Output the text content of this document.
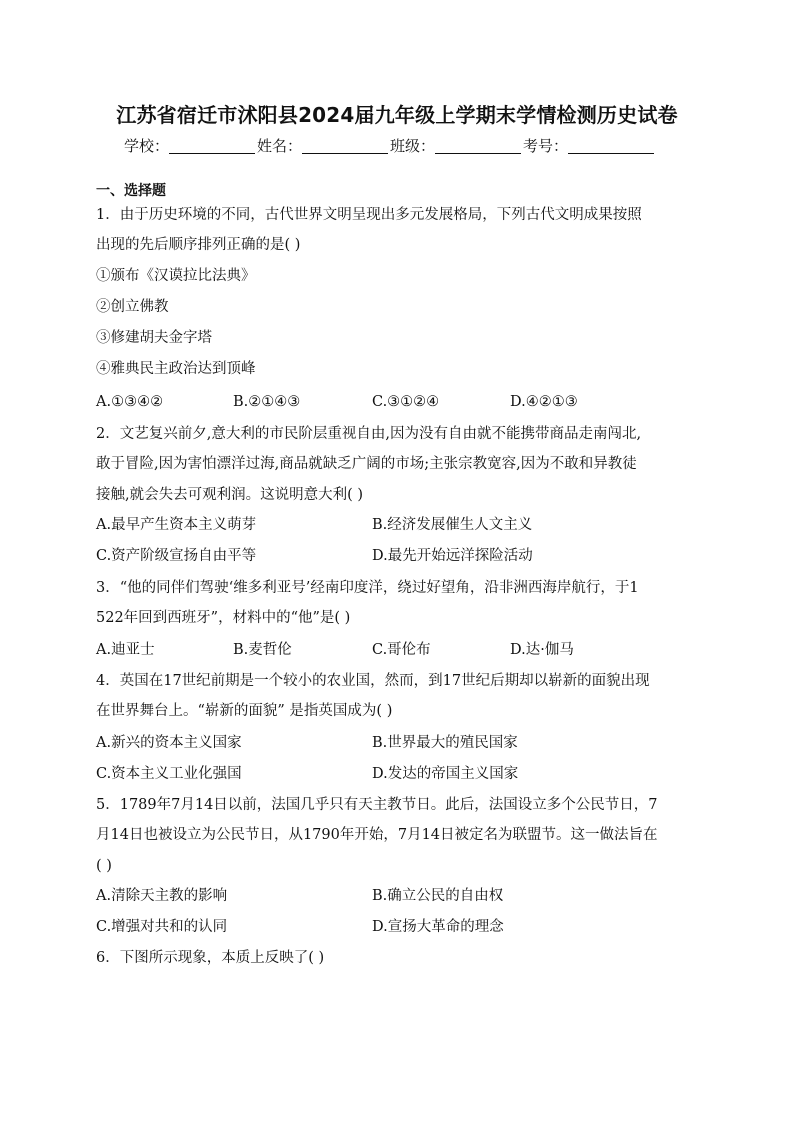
江苏省宿迁市沭阳县2024届九年级上学期末学情检测历史试卷
学校：	姓名：	班级：	考号：
一、选择题
1．由于历史环境的不同，古代世界文明呈现出多元发展格局，下列古代文明成果按照
出现的先后顺序排列正确的是( )
①颁布《汉谟拉比法典》
②创立佛教
③修建胡夫金字塔
④雅典民主政治达到顶峰
A.①③④②	B.②①④③	C.③①②④	D.④②①③
2．文艺复兴前夕,意大利的市民阶层重视自由,因为没有自由就不能携带商品走南闯北,
敢于冒险,因为害怕漂洋过海,商品就缺乏广阔的市场;主张宗教宽容,因为不敢和异教徒
接触,就会失去可观利润。这说明意大利( )
A.最早产生资本主义萌芽	B.经济发展催生人文主义
C.资产阶级宣扬自由平等	D.最先开始远洋探险活动
3．“他的同伴们驾驶‘维多利亚号’经南印度洋，绕过好望角，沿非洲西海岸航行，于1
522年回到西班牙”，材料中的“他”是( )
A.迪亚士	B.麦哲伦	C.哥伦布	D.达·伽马
4．英国在17世纪前期是一个较小的农业国，然而，到17世纪后期却以崭新的面貌出现
在世界舞台上。“崭新的面貌” 是指英国成为( )
A.新兴的资本主义国家	B.世界最大的殖民国家
C.资本主义工业化强国	D.发达的帝国主义国家
5．1789年7月14日以前，法国几乎只有天主教节日。此后，法国设立多个公民节日，7
月14日也被设立为公民节日，从1790年开始，7月14日被定名为联盟节。这一做法旨在
( )
A.清除天主教的影响	B.确立公民的自由权
C.增强对共和的认同	D.宣扬大革命的理念
6．下图所示现象，本质上反映了( )
